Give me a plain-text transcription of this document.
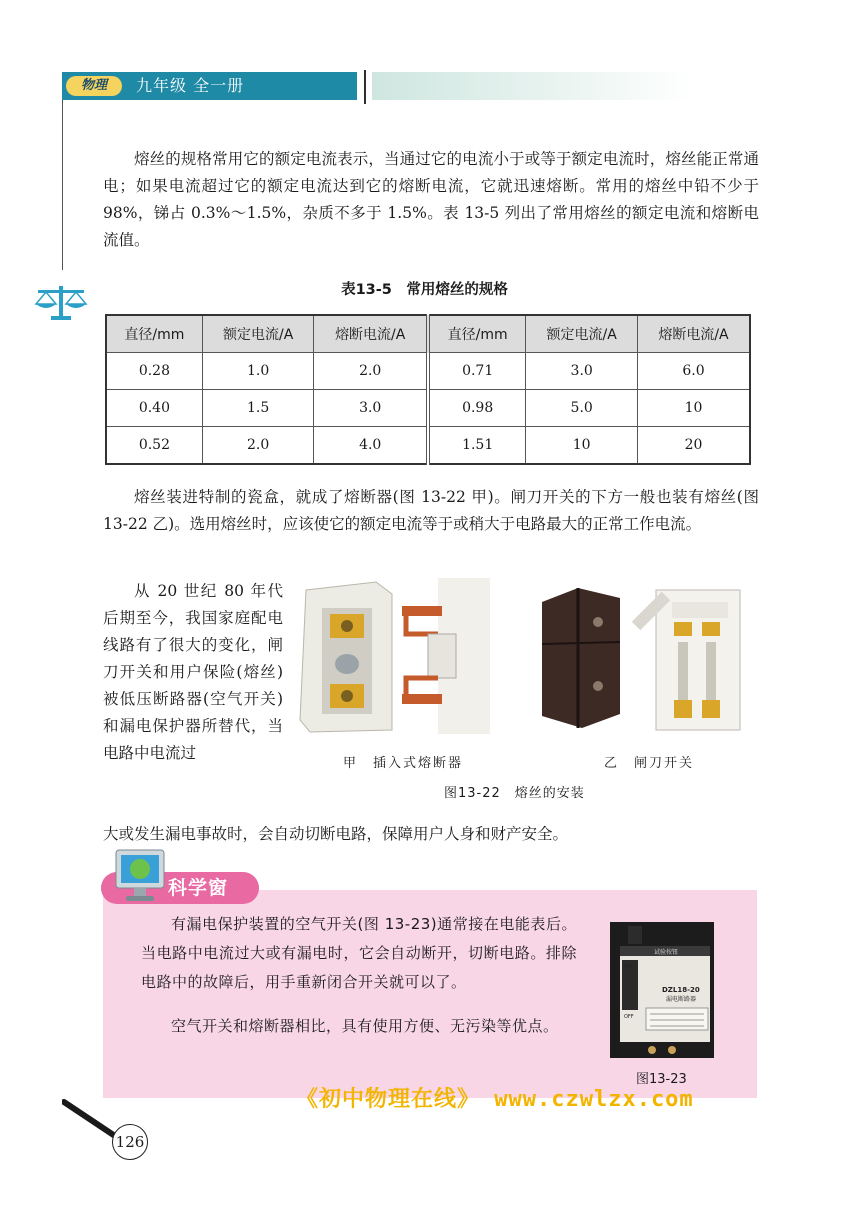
物理	九年级 全一册
熔丝的规格常用它的额定电流表示，当通过它的电流小于或等于额定电流时，熔丝能正常通电；如果电流超过它的额定电流达到它的熔断电流，它就迅速熔断。常用的熔丝中铅不少于 98%，锑占 0.3%～1.5%，杂质不多于 1.5%。表 13-5 列出了常用熔丝的额定电流和熔断电流值。
表13-5　常用熔丝的规格
直径/mm	额定电流/A	熔断电流/A	直径/mm	额定电流/A	熔断电流/A
0.28	1.0	2.0	0.71	3.0	6.0
0.40	1.5	3.0	0.98	5.0	10
0.52	2.0	4.0	1.51	10	20
熔丝装进特制的瓷盒，就成了熔断器(图 13-22 甲)。闸刀开关的下方一般也装有熔丝(图 13-22 乙)。选用熔丝时，应该使它的额定电流等于或稍大于电路最大的正常工作电流。
从 20 世纪 80 年代后期至今，我国家庭配电线路有了很大的变化，闸刀开关和用户保险(熔丝)被低压断路器(空气开关)和漏电保护器所替代，当电路中电流过
大或发生漏电事故时，会自动切断电路，保障用户人身和财产安全。
甲　插入式熔断器	乙　闸刀开关
图13-22　熔丝的安装
科学窗
有漏电保护装置的空气开关(图 13-23)通常接在电能表后。当电路中电流过大或有漏电时，它会自动断开，切断电路。排除电路中的故障后，用手重新闭合开关就可以了。
空气开关和熔断器相比，具有使用方便、无污染等优点。
试验按钮
ON
OFF
DZL18-20
漏电断路器
图13-23
《初中物理在线》 www.czwlzx.com
126
